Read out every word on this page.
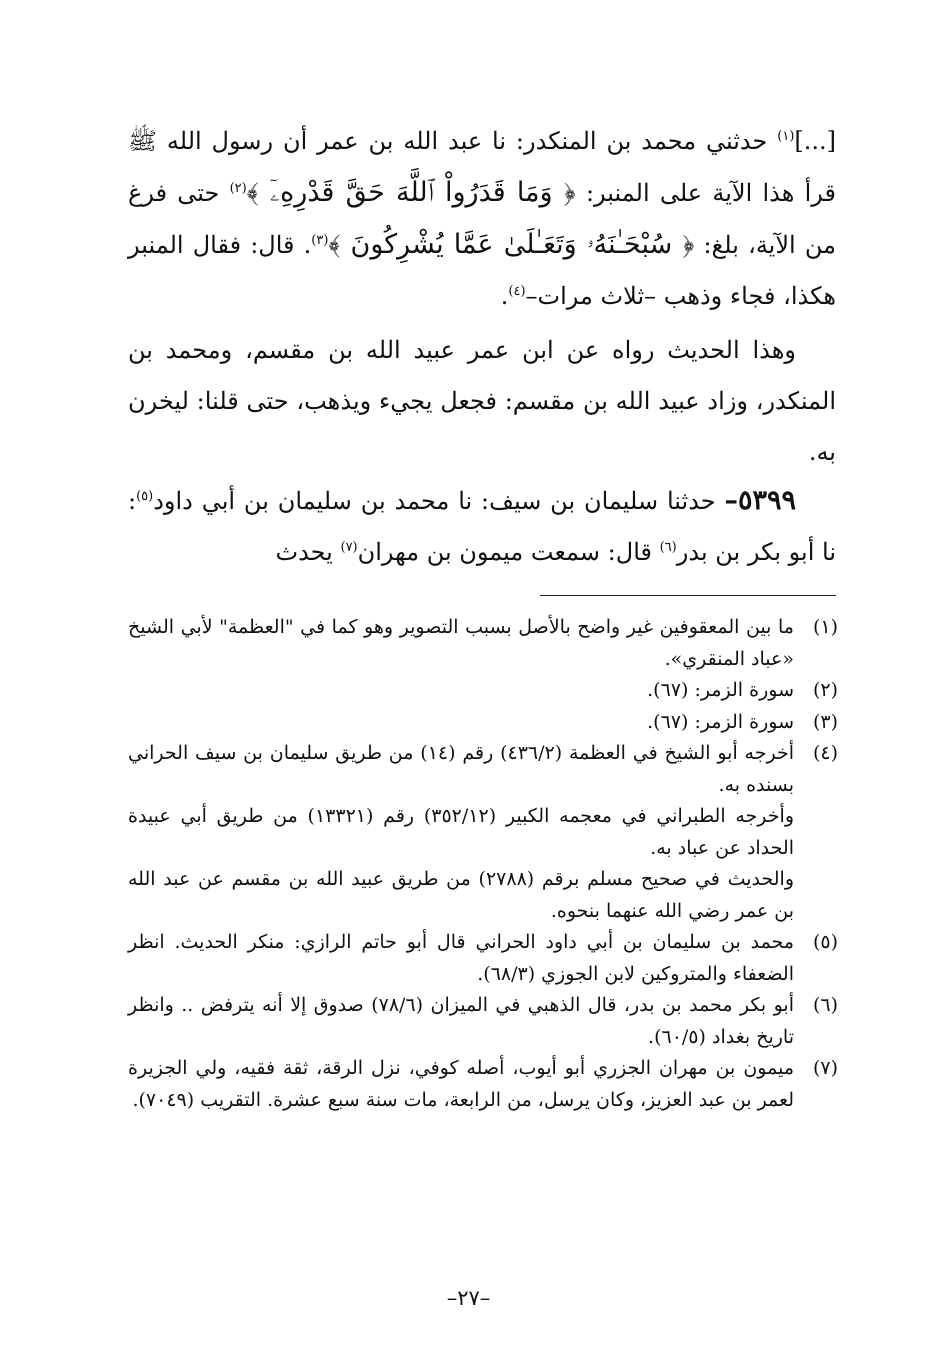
[...]$^{(١)}$ حدثني محمد بن المنكدر: نا عبد الله بن عمر أن رسول الله ﷺ قرأ هذا الآية على المنبر: ﴿ وَمَا قَدَرُواْ ٱللَّهَ حَقَّ قَدْرِهِۦٓ ﴾$^{(٢)}$ حتى فرغ من الآية، بلغ: ﴿ سُبْحَـٰنَهُۥ وَتَعَـٰلَىٰ عَمَّا يُشْرِكُونَ ﴾$^{(٣)}$. قال: فقال المنبر هكذا، فجاء وذهب –ثلاث مرات–$^{(٤)}$.

وهذا الحديث رواه عن ابن عمر عبيد الله بن مقسم، ومحمد بن المنكدر، وزاد عبيد الله بن مقسم: فجعل يجيء ويذهب، حتى قلنا: ليخرن به.

٥٣٩٩– حدثنا سليمان بن سيف: نا محمد بن سليمان بن أبي داود$^{(٥)}$: نا أبو بكر بن بدر$^{(٦)}$ قال: سمعت ميمون بن مهران$^{(٧)}$ يحدث

(١)

ما بين المعقوفين غير واضح بالأصل بسبب التصوير وهو كما في "العظمة" لأبي الشيخ «عباد المنقري».

(٢)

سورة الزمر: (٦٧).

(٣)

سورة الزمر: (٦٧).

(٤)

أخرجه أبو الشيخ في العظمة (٤٣٦/٢) رقم (١٤) من طريق سليمان بن سيف الحراني بسنده به.

وأخرجه الطبراني في معجمه الكبير (٣٥٢/١٢) رقم (١٣٣٢١) من طريق أبي عبيدة الحداد عن عباد به.

والحديث في صحيح مسلم برقم (٢٧٨٨) من طريق عبيد الله بن مقسم عن عبد الله بن عمر رضي الله عنهما بنحوه.

(٥)

محمد بن سليمان بن أبي داود الحراني قال أبو حاتم الرازي: منكر الحديث. انظر الضعفاء والمتروكين لابن الجوزي (٦٨/٣).

(٦)

أبو بكر محمد بن بدر، قال الذهبي في الميزان (٧٨/٦) صدوق إلا أنه يترفض .. وانظر تاريخ بغداد (٦٠/٥).

(٧)

ميمون بن مهران الجزري أبو أيوب، أصله كوفي، نزل الرقة، ثقة فقيه، ولي الجزيرة لعمر بن عبد العزيز، وكان يرسل، من الرابعة، مات سنة سبع عشرة. التقريب (٧٠٤٩).

–٢٧–
